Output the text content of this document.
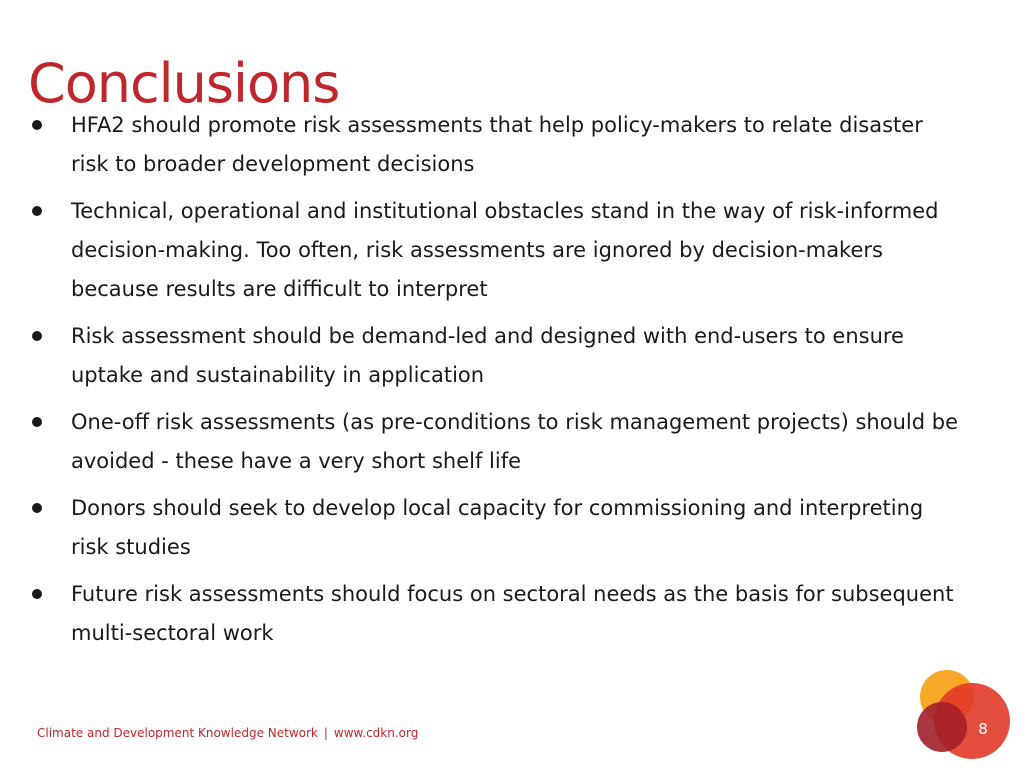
Conclusions
HFA2 should promote risk assessments that help policy-makers to relate disaster risk to broader development decisions
Technical, operational and institutional obstacles stand in the way of risk-informed decision-making. Too often, risk assessments are ignored by decision-makers because results are difficult to interpret
Risk assessment should be demand-led and designed with end-users to ensure uptake and sustainability in application
One-off risk assessments (as pre-conditions to risk management projects) should be avoided - these have a very short shelf life
Donors should seek to develop local capacity for commissioning and interpreting risk studies
Future risk assessments should focus on sectoral needs as the basis for subsequent multi-sectoral work
Climate and Development Knowledge Network | www.cdkn.org	8
